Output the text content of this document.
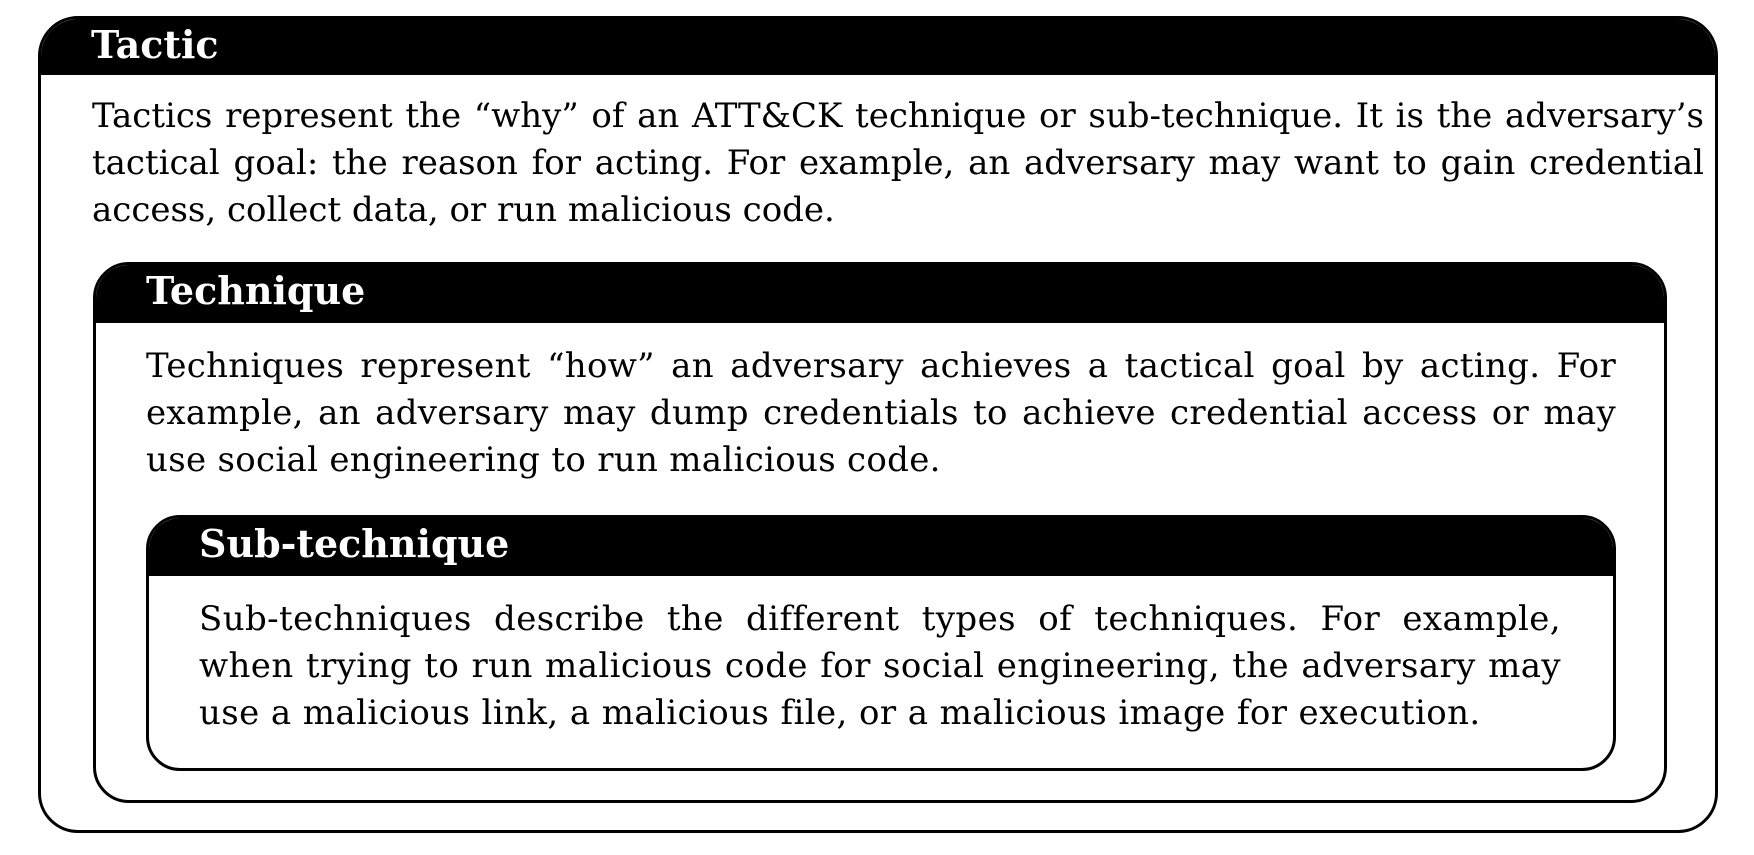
Tactic
Tactics represent the “why” of an ATT&CK technique or sub-technique. It is the adversary’s tactical goal: the reason for acting. For example, an adversary may want to gain credential access, collect data, or run malicious code.
Technique
Techniques represent “how” an adversary achieves a tactical goal by acting. For example, an adversary may dump credentials to achieve credential access or may use social engineering to run malicious code.
Sub-technique
Sub-techniques describe the different types of techniques. For example, when trying to run malicious code for social engineering, the adversary may use a malicious link, a malicious file, or a malicious image for execution.
